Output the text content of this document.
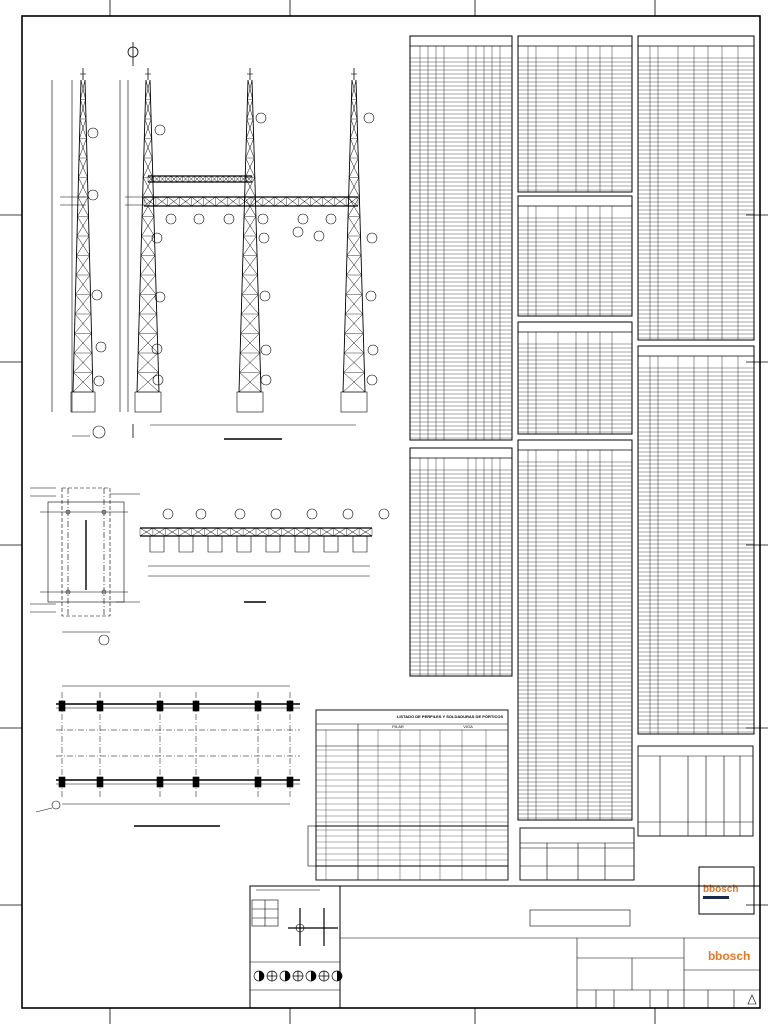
LISTADO DE PERFILES Y SOLDADURAS DE PÓRTICOS
PILAR	VIGA
b bosch
b bosch
